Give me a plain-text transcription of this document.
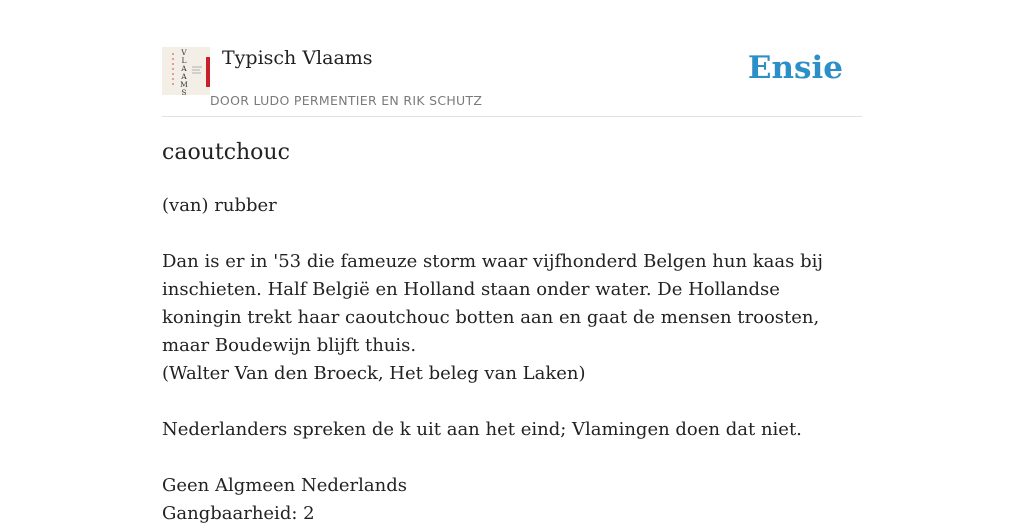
V
L
A
A
M
S
Typisch Vlaams
DOOR LUDO PERMENTIER EN RIK SCHUTZ
Ensie
caoutchouc

(van) rubber

Dan is er in '53 die fameuze storm waar vijfhonderd Belgen hun kaas bij inschieten. Half België en Holland staan onder water. De Hollandse koningin trekt haar caoutchouc botten aan en gaat de mensen troosten, maar Boudewijn blijft thuis.

(Walter Van den Broeck, Het beleg van Laken)

Nederlanders spreken de k uit aan het eind; Vlamingen doen dat niet.

Geen Algmeen Nederlands

Gangbaarheid: 2
